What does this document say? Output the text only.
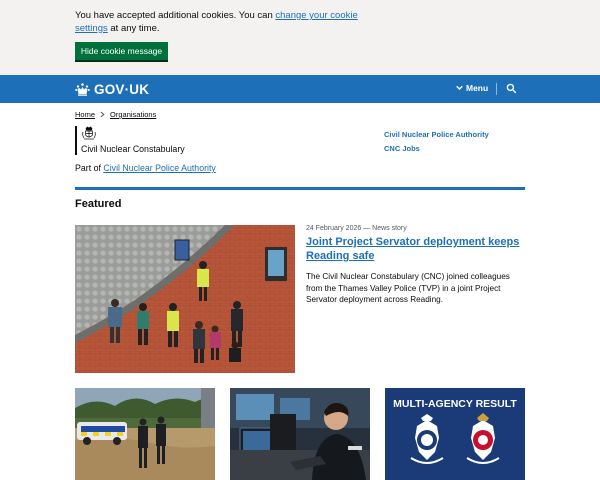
You have accepted additional cookies. You can change your cookie settings at any time.

Hide cookie message
GOV·UK	Menu
Home Organisations
Civil Nuclear Constabulary
Part of Civil Nuclear Police Authority
Civil Nuclear Police Authority
CNC Jobs
Featured
24 February 2026 — News story
Joint Project Servator deployment keeps Reading safe

The Civil Nuclear Constabulary (CNC) joined colleagues from the Thames Valley Police (TVP) in a joint Project Servator deployment across Reading.

MULTI-AGENCY RESULT
